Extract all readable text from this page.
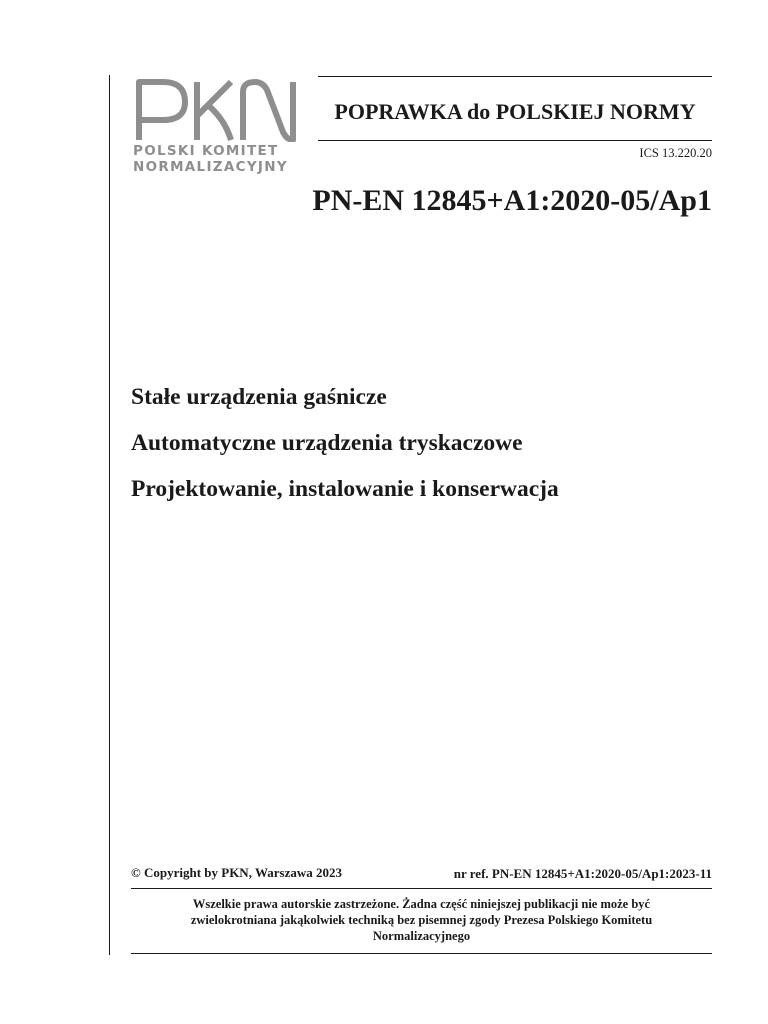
POLSKI KOMITET
NORMALIZACYJNY
POPRAWKA do POLSKIEJ NORMY
ICS 13.220.20
PN-EN 12845+A1:2020-05/Ap1
Stałe urządzenia gaśnicze
Automatyczne urządzenia tryskaczowe
Projektowanie, instalowanie i konserwacja
© Copyright by PKN, Warszawa 2023	nr ref. PN-EN 12845+A1:2020-05/Ap1:2023-11
Wszelkie prawa autorskie zastrzeżone. Żadna część niniejszej publikacji nie może być
zwielokrotniana jakąkolwiek techniką bez pisemnej zgody Prezesa Polskiego Komitetu
Normalizacyjnego
